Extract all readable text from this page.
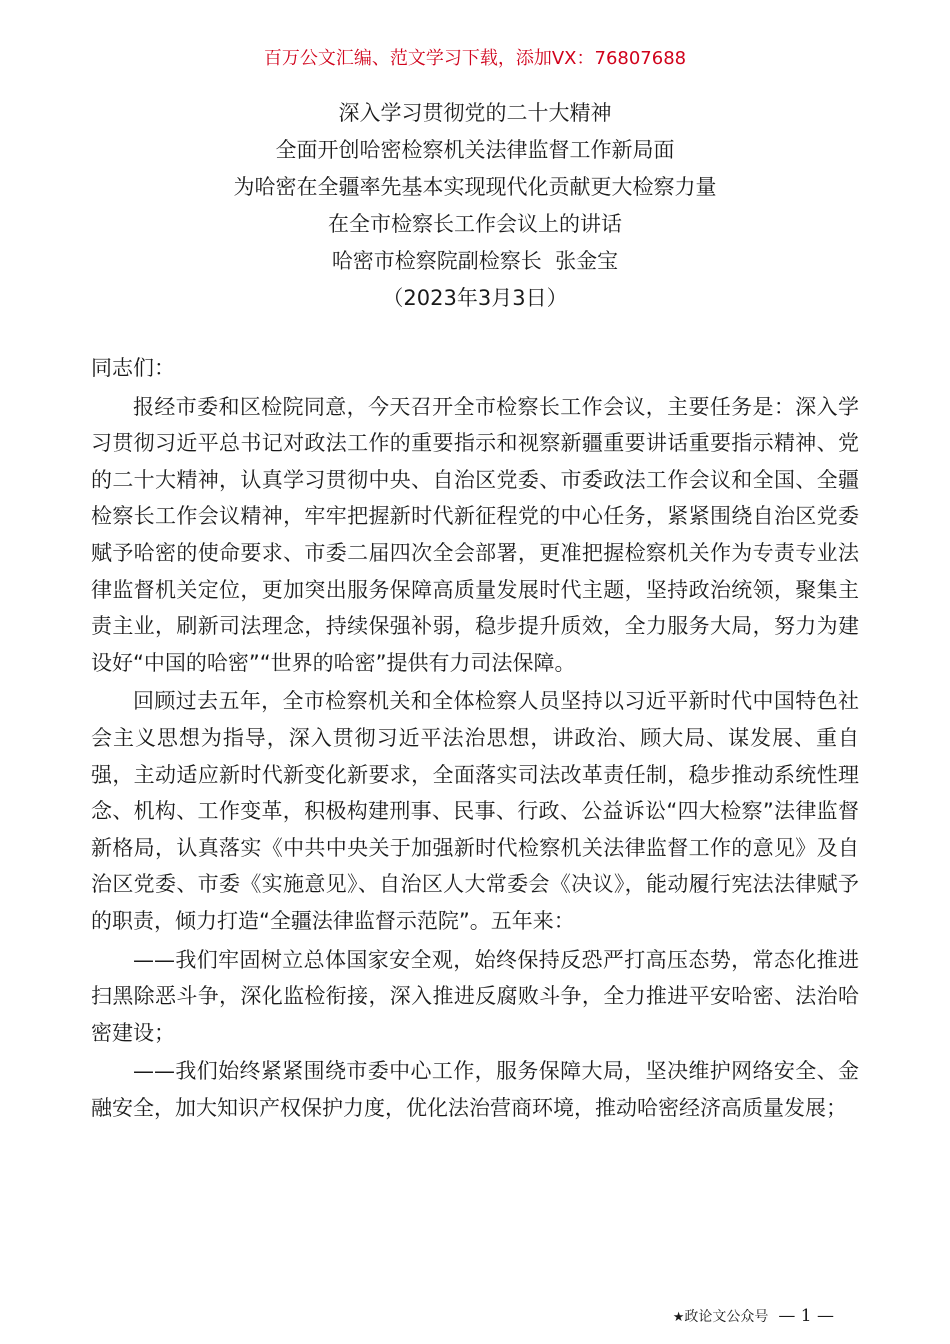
百万公文汇编、范文学习下载，添加VX：76807688
深入学习贯彻党的二十大精神
全面开创哈密检察机关法律监督工作新局面
为哈密在全疆率先基本实现现代化贡献更大检察力量
在全市检察长工作会议上的讲话
哈密市检察院副检察长  张金宝
（2023年3月3日）

同志们：

报经市委和区检院同意，今天召开全市检察长工作会议，主要任务是：深入学习贯彻习近平总书记对政法工作的重要指示和视察新疆重要讲话重要指示精神、党的二十大精神，认真学习贯彻中央、自治区党委、市委政法工作会议和全国、全疆检察长工作会议精神，牢牢把握新时代新征程党的中心任务，紧紧围绕自治区党委赋予哈密的使命要求、市委二届四次全会部署，更准把握检察机关作为专责专业法律监督机关定位，更加突出服务保障高质量发展时代主题，坚持政治统领，聚集主责主业，刷新司法理念，持续保强补弱，稳步提升质效，全力服务大局，努力为建设好“中国的哈密”“世界的哈密”提供有力司法保障。

回顾过去五年，全市检察机关和全体检察人员坚持以习近平新时代中国特色社会主义思想为指导，深入贯彻习近平法治思想，讲政治、顾大局、谋发展、重自强，主动适应新时代新变化新要求，全面落实司法改革责任制，稳步推动系统性理念、机构、工作变革，积极构建刑事、民事、行政、公益诉讼“四大检察”法律监督新格局，认真落实《中共中央关于加强新时代检察机关法律监督工作的意见》及自治区党委、市委《实施意见》、自治区人大常委会《决议》，能动履行宪法法律赋予的职责，倾力打造“全疆法律监督示范院”。五年来：

——我们牢固树立总体国家安全观，始终保持反恐严打高压态势，常态化推进扫黑除恶斗争，深化监检衔接，深入推进反腐败斗争，全力推进平安哈密、法治哈密建设；

——我们始终紧紧围绕市委中心工作，服务保障大局，坚决维护网络安全、金融安全，加大知识产权保护力度，优化法治营商环境，推动哈密经济高质量发展；

★政论文公众号 — 1 —
